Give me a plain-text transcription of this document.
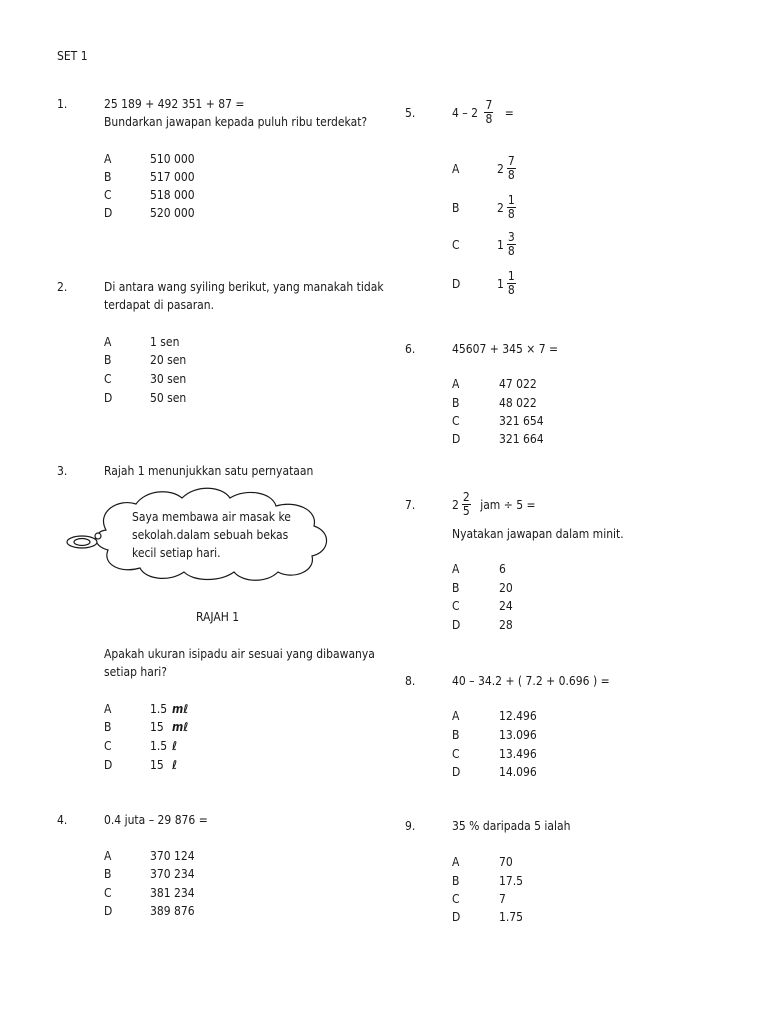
SET 1
1.	25 189 + 492 351 + 87 =
Bundarkan jawapan kepada puluh ribu terdekat?
A	510 000
B	517 000
C	518 000
D	520 000
2.	Di antara wang syiling berikut, yang manakah tidak
terdapat di pasaran.
A	1 sen
B	20 sen
C	30 sen
D	50 sen
3.	Rajah 1 menunjukkan satu pernyataan
Saya membawa air masak ke sekolah.dalam sebuah bekas kecil setiap hari.
RAJAH 1
Apakah ukuran isipadu air sesuai yang dibawanya
setiap hari?
A	1.5 mℓ
B	15 mℓ
C	1.5 ℓ
D	15 ℓ
4.	0.4 juta – 29 876 =
A	370 124
B	370 234
C	381 234
D	389 876
5.	$4 - 2 \frac{7}{8}$ =
A	$2 \frac{7}{8}$
B	$2 \frac{1}{8}$
C	$1 \frac{3}{8}$
D	$1 \frac{1}{8}$
6.	45607 + 345 × 7 =
A	47 022
B	48 022
C	321 654
D	321 664
7.	$2 \frac{2}{5}$ jam ÷ 5 =
Nyatakan jawapan dalam minit.
A	6
B	20
C	24
D	28
8.	40 – 34.2 + ( 7.2 + 0.696 ) =
A	12.496
B	13.096
C	13.496
D	14.096
9.	35 % daripada 5 ialah
A	70
B	17.5
C	7
D	1.75
